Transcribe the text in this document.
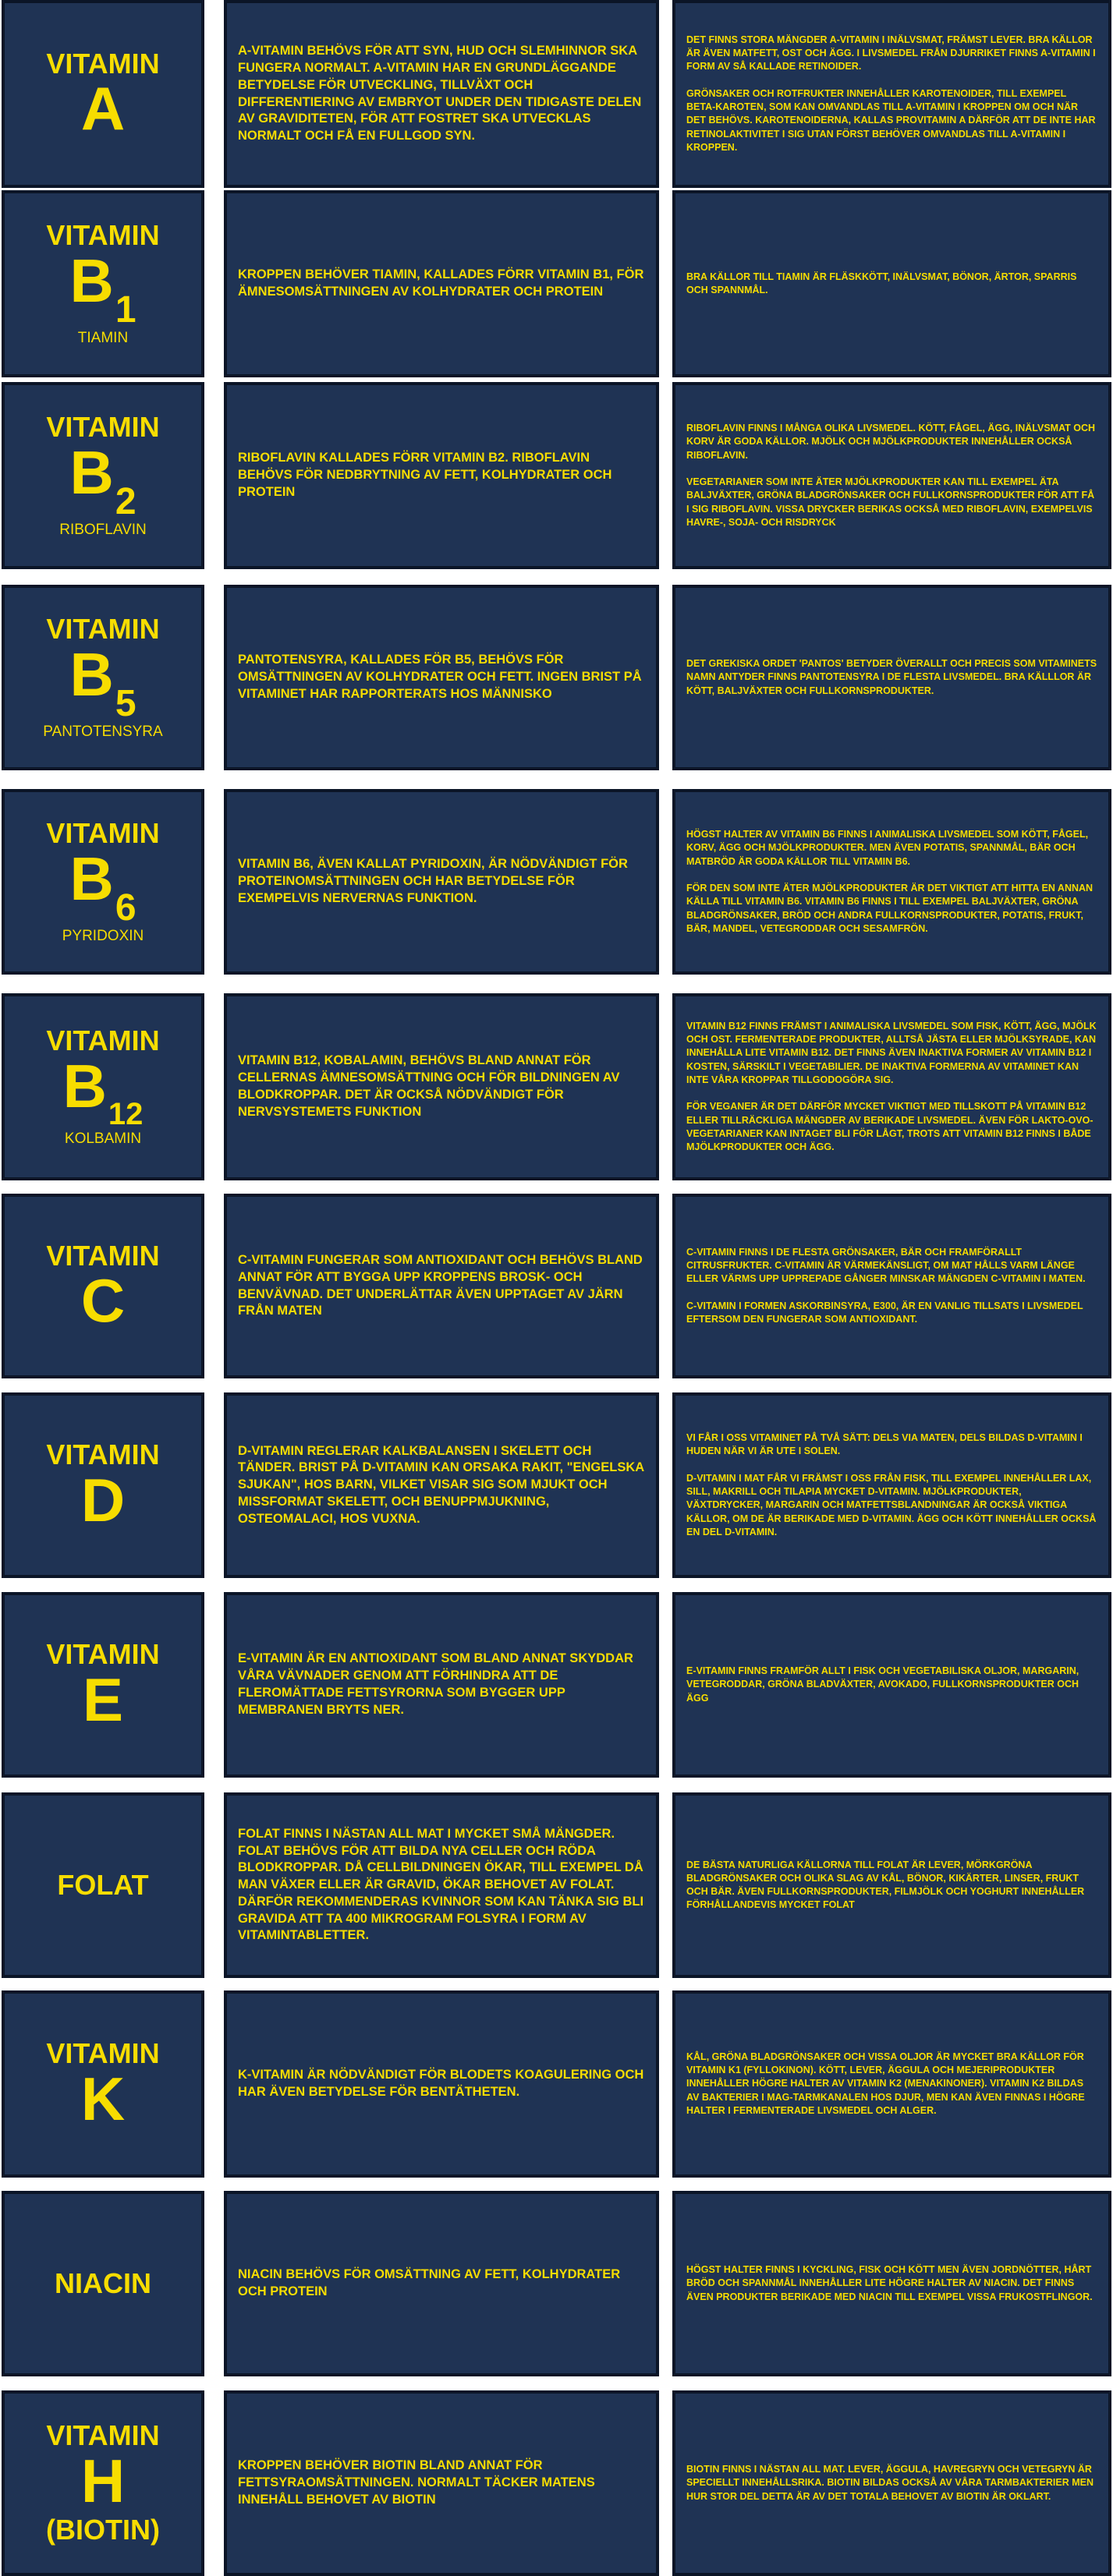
VITAMIN
A
A-VITAMIN BEHÖVS FÖR ATT SYN, HUD OCH SLEMHINNOR SKA FUNGERA NORMALT. A-VITAMIN HAR EN GRUNDLÄGGANDE BETYDELSE FÖR UTVECKLING, TILLVÄXT OCH DIFFERENTIERING AV EMBRYOT UNDER DEN TIDIGASTE DELEN AV GRAVIDITETEN, FÖR ATT FOSTRET SKA UTVECKLAS NORMALT OCH FÅ EN FULLGOD SYN.
DET FINNS STORA MÄNGDER A-VITAMIN I INÄLVSMAT, FRÄMST LEVER. BRA KÄLLOR ÄR ÄVEN MATFETT, OST OCH ÄGG. I LIVSMEDEL FRÅN DJURRIKET FINNS A-VITAMIN I FORM AV SÅ KALLADE RETINOIDER.

GRÖNSAKER OCH ROTFRUKTER INNEHÅLLER KAROTENOIDER, TILL EXEMPEL BETA-KAROTEN, SOM KAN OMVANDLAS TILL A-VITAMIN I KROPPEN OM OCH NÄR DET BEHÖVS. KAROTENOIDERNA, KALLAS PROVITAMIN A DÄRFÖR ATT DE INTE HAR RETINOLAKTIVITET I SIG UTAN FÖRST BEHÖVER OMVANDLAS TILL A-VITAMIN I KROPPEN.
VITAMIN
$B_1$
TIAMIN
KROPPEN BEHÖVER TIAMIN, KALLADES FÖRR VITAMIN B1, FÖR ÄMNESOMSÄTTNINGEN AV KOLHYDRATER OCH PROTEIN
BRA KÄLLOR TILL TIAMIN ÄR FLÄSKKÖTT, INÄLVSMAT, BÖNOR, ÄRTOR, SPARRIS OCH SPANNMÅL.
VITAMIN
$B_2$
RIBOFLAVIN
RIBOFLAVIN KALLADES FÖRR VITAMIN B2. RIBOFLAVIN BEHÖVS FÖR NEDBRYTNING AV FETT, KOLHYDRATER OCH PROTEIN
RIBOFLAVIN FINNS I MÅNGA OLIKA LIVSMEDEL. KÖTT, FÅGEL, ÄGG, INÄLVSMAT OCH KORV ÄR GODA KÄLLOR. MJÖLK OCH MJÖLKPRODUKTER INNEHÅLLER OCKSÅ RIBOFLAVIN.

VEGETARIANER SOM INTE ÄTER MJÖLKPRODUKTER KAN TILL EXEMPEL ÄTA BALJVÄXTER, GRÖNA BLADGRÖNSAKER OCH FULLKORNSPRODUKTER FÖR ATT FÅ I SIG RIBOFLAVIN. VISSA DRYCKER BERIKAS OCKSÅ MED RIBOFLAVIN, EXEMPELVIS HAVRE-, SOJA- OCH RISDRYCK
VITAMIN
$B_5$
PANTOTENSYRA
PANTOTENSYRA, KALLADES FÖR B5, BEHÖVS FÖR OMSÄTTNINGEN AV KOLHYDRATER OCH FETT. INGEN BRIST PÅ VITAMINET HAR RAPPORTERATS HOS MÄNNISKO
DET GREKISKA ORDET 'PANTOS' BETYDER ÖVERALLT OCH PRECIS SOM VITAMINETS NAMN ANTYDER FINNS PANTOTENSYRA I DE FLESTA LIVSMEDEL. BRA KÄLLLOR ÄR KÖTT, BALJVÄXTER OCH FULLKORNSPRODUKTER.
VITAMIN
$B_6$
PYRIDOXIN
VITAMIN B6, ÄVEN KALLAT PYRIDOXIN, ÄR NÖDVÄNDIGT FÖR PROTEINOMSÄTTNINGEN OCH HAR BETYDELSE FÖR EXEMPELVIS NERVERNAS FUNKTION.
HÖGST HALTER AV VITAMIN B6 FINNS I ANIMALISKA LIVSMEDEL SOM KÖTT, FÅGEL, KORV, ÄGG OCH MJÖLKPRODUKTER. MEN ÄVEN POTATIS, SPANNMÅL, BÄR OCH MATBRÖD ÄR GODA KÄLLOR TILL VITAMIN B6.

FÖR DEN SOM INTE ÄTER MJÖLKPRODUKTER ÄR DET VIKTIGT ATT HITTA EN ANNAN KÄLLA TILL VITAMIN B6. VITAMIN B6 FINNS I TILL EXEMPEL BALJVÄXTER, GRÖNA BLADGRÖNSAKER, BRÖD OCH ANDRA FULLKORNSPRODUKTER, POTATIS, FRUKT, BÄR, MANDEL, VETEGRODDAR OCH SESAMFRÖN.
VITAMIN
$B_{12}$
KOLBAMIN
VITAMIN B12, KOBALAMIN, BEHÖVS BLAND ANNAT FÖR CELLERNAS ÄMNESOMSÄTTNING OCH FÖR BILDNINGEN AV BLODKROPPAR. DET ÄR OCKSÅ NÖDVÄNDIGT FÖR NERVSYSTEMETS FUNKTION
VITAMIN B12 FINNS FRÄMST I ANIMALISKA LIVSMEDEL SOM FISK, KÖTT, ÄGG, MJÖLK OCH OST. FERMENTERADE PRODUKTER, ALLTSÅ JÄSTA ELLER MJÖLKSYRADE, KAN INNEHÅLLA LITE VITAMIN B12. DET FINNS ÄVEN INAKTIVA FORMER AV VITAMIN B12 I KOSTEN, SÄRSKILT I VEGETABILIER. DE INAKTIVA FORMERNA AV VITAMINET KAN INTE VÅRA KROPPAR TILLGODOGÖRA SIG.

FÖR VEGANER ÄR DET DÄRFÖR MYCKET VIKTIGT MED TILLSKOTT PÅ VITAMIN B12 ELLER TILLRÄCKLIGA MÄNGDER AV BERIKADE LIVSMEDEL. ÄVEN FÖR LAKTO-OVO-VEGETARIANER KAN INTAGET BLI FÖR LÅGT, TROTS ATT VITAMIN B12 FINNS I BÅDE MJÖLKPRODUKTER OCH ÄGG.
VITAMIN
C
C-VITAMIN FUNGERAR SOM ANTIOXIDANT OCH BEHÖVS BLAND ANNAT FÖR ATT BYGGA UPP KROPPENS BROSK- OCH BENVÄVNAD. DET UNDERLÄTTAR ÄVEN UPPTAGET AV JÄRN FRÅN MATEN
C-VITAMIN FINNS I DE FLESTA GRÖNSAKER, BÄR OCH FRAMFÖRALLT CITRUSFRUKTER. C-VITAMIN ÄR VÄRMEKÄNSLIGT, OM MAT HÅLLS VARM LÄNGE ELLER VÄRMS UPP UPPREPADE GÅNGER MINSKAR MÄNGDEN C-VITAMIN I MATEN.

C-VITAMIN I FORMEN ASKORBINSYRA, E300, ÄR EN VANLIG TILLSATS I LIVSMEDEL EFTERSOM DEN FUNGERAR SOM ANTIOXIDANT.
VITAMIN
D
D-VITAMIN REGLERAR KALKBALANSEN I SKELETT OCH TÄNDER. BRIST PÅ D-VITAMIN KAN ORSAKA RAKIT, "ENGELSKA SJUKAN", HOS BARN, VILKET VISAR SIG SOM MJUKT OCH MISSFORMAT SKELETT, OCH BENUPPMJUKNING, OSTEOMALACI, HOS VUXNA.
VI FÅR I OSS VITAMINET PÅ TVÅ SÄTT: DELS VIA MATEN, DELS BILDAS D-VITAMIN I HUDEN NÄR VI ÄR UTE I SOLEN.

D-VITAMIN I MAT FÅR VI FRÄMST I OSS FRÅN FISK, TILL EXEMPEL INNEHÅLLER LAX, SILL, MAKRILL OCH TILAPIA MYCKET D-VITAMIN. MJÖLKPRODUKTER, VÄXTDRYCKER, MARGARIN OCH MATFETTSBLANDNINGAR ÄR OCKSÅ VIKTIGA KÄLLOR, OM DE ÄR BERIKADE MED D-VITAMIN. ÄGG OCH KÖTT INNEHÅLLER OCKSÅ EN DEL D-VITAMIN.
VITAMIN
E
E-VITAMIN ÄR EN ANTIOXIDANT SOM BLAND ANNAT SKYDDAR VÅRA VÄVNADER GENOM ATT FÖRHINDRA ATT DE FLEROMÄTTADE FETTSYRORNA SOM BYGGER UPP MEMBRANEN BRYTS NER.
E-VITAMIN FINNS FRAMFÖR ALLT I FISK OCH VEGETABILISKA OLJOR, MARGARIN, VETEGRODDAR, GRÖNA BLADVÄXTER, AVOKADO, FULLKORNSPRODUKTER OCH ÄGG
FOLAT
FOLAT FINNS I NÄSTAN ALL MAT I MYCKET SMÅ MÄNGDER. FOLAT BEHÖVS FÖR ATT BILDA NYA CELLER OCH RÖDA BLODKROPPAR. DÅ CELLBILDNINGEN ÖKAR, TILL EXEMPEL DÅ MAN VÄXER ELLER ÄR GRAVID, ÖKAR BEHOVET AV FOLAT. DÄRFÖR REKOMMENDERAS KVINNOR SOM KAN TÄNKA SIG BLI GRAVIDA ATT TA 400 MIKROGRAM FOLSYRA I FORM AV VITAMINTABLETTER.
DE BÄSTA NATURLIGA KÄLLORNA TILL FOLAT ÄR LEVER, MÖRKGRÖNA BLADGRÖNSAKER OCH OLIKA SLAG AV KÅL, BÖNOR, KIKÄRTER, LINSER, FRUKT OCH BÄR. ÄVEN FULLKORNSPRODUKTER, FILMJÖLK OCH YOGHURT INNEHÅLLER FÖRHÅLLANDEVIS MYCKET FOLAT
VITAMIN
K	K-VITAMIN ÄR NÖDVÄNDIGT FÖR BLODETS KOAGULERING OCH HAR ÄVEN BETYDELSE FÖR BENTÄTHETEN.
KÅL, GRÖNA BLADGRÖNSAKER OCH VISSA OLJOR ÄR MYCKET BRA KÄLLOR FÖR VITAMIN K1 (FYLLOKINON). KÖTT, LEVER, ÄGGULA OCH MEJERIPRODUKTER INNEHÅLLER HÖGRE HALTER AV VITAMIN K2 (MENAKINONER). VITAMIN K2 BILDAS AV BAKTERIER I MAG-TARMKANALEN HOS DJUR, MEN KAN ÄVEN FINNAS I HÖGRE HALTER I FERMENTERADE LIVSMEDEL OCH ALGER.
NIACIN	NIACIN BEHÖVS FÖR OMSÄTTNING AV FETT, KOLHYDRATER OCH PROTEIN
HÖGST HALTER FINNS I KYCKLING, FISK OCH KÖTT MEN ÄVEN JORDNÖTTER, HÅRT BRÖD OCH SPANNMÅL INNEHÅLLER LITE HÖGRE HALTER AV NIACIN. DET FINNS ÄVEN PRODUKTER BERIKADE MED NIACIN TILL EXEMPEL VISSA FRUKOSTFLINGOR.
VITAMIN
H
(BIOTIN)
KROPPEN BEHÖVER BIOTIN BLAND ANNAT FÖR FETTSYRAOMSÄTTNINGEN. NORMALT TÄCKER MATENS INNEHÅLL BEHOVET AV BIOTIN
BIOTIN FINNS I NÄSTAN ALL MAT. LEVER, ÄGGULA, HAVREGRYN OCH VETEGRYN ÄR SPECIELLT INNEHÅLLSRIKA. BIOTIN BILDAS OCKSÅ AV VÅRA TARMBAKTERIER MEN HUR STOR DEL DETTA ÄR AV DET TOTALA BEHOVET AV BIOTIN ÄR OKLART.
